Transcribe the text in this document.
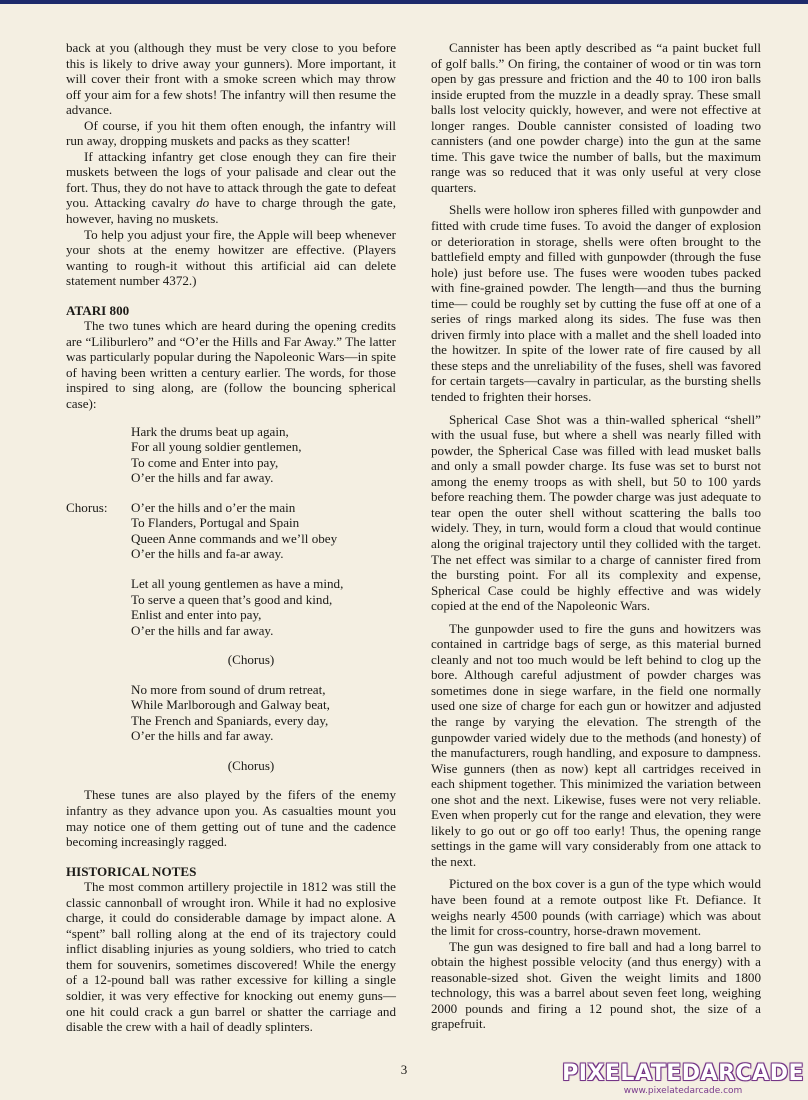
back at you (although they must be very close to you before this is likely to drive away your gunners). More important, it will cover their front with a smoke screen which may throw off your aim for a few shots! The infantry will then resume the advance.

Of course, if you hit them often enough, the infantry will run away, dropping muskets and packs as they scatter!

If attacking infantry get close enough they can fire their muskets between the logs of your palisade and clear out the fort. Thus, they do not have to attack through the gate to defeat you. Attacking cavalry do have to charge through the gate, however, having no muskets.

To help you adjust your fire, the Apple will beep whenever your shots at the enemy howitzer are effective. (Players wanting to rough-it without this artificial aid can delete statement number 4372.)

ATARI 800

The two tunes which are heard during the opening credits are “Liliburlero” and “O’er the Hills and Far Away.” The latter was particularly popular during the Napoleonic Wars—in spite of having been written a century earlier. The words, for those inspired to sing along, are (follow the bouncing spherical case):

Hark the drums beat up again,
For all young soldier gentlemen,
To come and Enter into pay,
O’er the hills and far away.
Chorus:	O’er the hills and o’er the main
To Flanders, Portugal and Spain
Queen Anne commands and we’ll obey
O’er the hills and fa-ar away.
Let all young gentlemen as have a mind,
To serve a queen that’s good and kind,
Enlist and enter into pay,
O’er the hills and far away.
(Chorus)
No more from sound of drum retreat,
While Marlborough and Galway beat,
The French and Spaniards, every day,
O’er the hills and far away.
(Chorus)

These tunes are also played by the fifers of the enemy infantry as they advance upon you. As casualties mount you may notice one of them getting out of tune and the cadence becoming increasingly ragged.

HISTORICAL NOTES

The most common artillery projectile in 1812 was still the classic cannonball of wrought iron. While it had no explosive charge, it could do considerable damage by impact alone. A “spent” ball rolling along at the end of its trajectory could inflict disabling injuries as young soldiers, who tried to catch them for souvenirs, sometimes discovered! While the energy of a 12-pound ball was rather excessive for killing a single soldier, it was very effective for knocking out enemy guns—one hit could crack a gun barrel or shatter the carriage and disable the crew with a hail of deadly splinters.

Cannister has been aptly described as “a paint bucket full of golf balls.” On firing, the container of wood or tin was torn open by gas pressure and friction and the 40 to 100 iron balls inside erupted from the muzzle in a deadly spray. These small balls lost velocity quickly, however, and were not effective at longer ranges. Double cannister consisted of loading two cannisters (and one powder charge) into the gun at the same time. This gave twice the number of balls, but the maximum range was so reduced that it was only useful at very close quarters.

Shells were hollow iron spheres filled with gunpowder and fitted with crude time fuses. To avoid the danger of explosion or deterioration in storage, shells were often brought to the battlefield empty and filled with gunpowder (through the fuse hole) just before use. The fuses were wooden tubes packed with fine-grained powder. The length—and thus the burning time— could be roughly set by cutting the fuse off at one of a series of rings marked along its sides. The fuse was then driven firmly into place with a mallet and the shell loaded into the howitzer. In spite of the lower rate of fire caused by all these steps and the unreliability of the fuses, shell was favored for certain targets—cavalry in particular, as the bursting shells tended to frighten their horses.

Spherical Case Shot was a thin-walled spherical “shell” with the usual fuse, but where a shell was nearly filled with powder, the Spherical Case was filled with lead musket balls and only a small powder charge. Its fuse was set to burst not among the enemy troops as with shell, but 50 to 100 yards before reaching them. The powder charge was just adequate to tear open the outer shell without scattering the balls too widely. They, in turn, would form a cloud that would continue along the original trajectory until they collided with the target. The net effect was similar to a charge of cannister fired from the bursting point. For all its complexity and expense, Spherical Case could be highly effective and was widely copied at the end of the Napoleonic Wars.

The gunpowder used to fire the guns and howitzers was contained in cartridge bags of serge, as this material burned cleanly and not too much would be left behind to clog up the bore. Although careful adjustment of powder charges was sometimes done in siege warfare, in the field one normally used one size of charge for each gun or howitzer and adjusted the range by varying the elevation. The strength of the gunpowder varied widely due to the methods (and honesty) of the manufacturers, rough handling, and exposure to dampness. Wise gunners (then as now) kept all cartridges received in each shipment together. This minimized the variation between one shot and the next. Likewise, fuses were not very reliable. Even when properly cut for the range and elevation, they were likely to go out or go off too early! Thus, the opening range settings in the game will vary considerably from one attack to the next.

Pictured on the box cover is a gun of the type which would have been found at a remote outpost like Ft. Defiance. It weighs nearly 4500 pounds (with carriage) which was about the limit for cross-country, horse-drawn movement.

The gun was designed to fire ball and had a long barrel to obtain the highest possible velocity (and thus energy) with a reasonable-sized shot. Given the weight limits and 1800 technology, this was a barrel about seven feet long, weighing 2000 pounds and firing a 12 pound shot, the size of a grapefruit.

3	PIXELATEDARCADE
www.pixelatedarcade.com
